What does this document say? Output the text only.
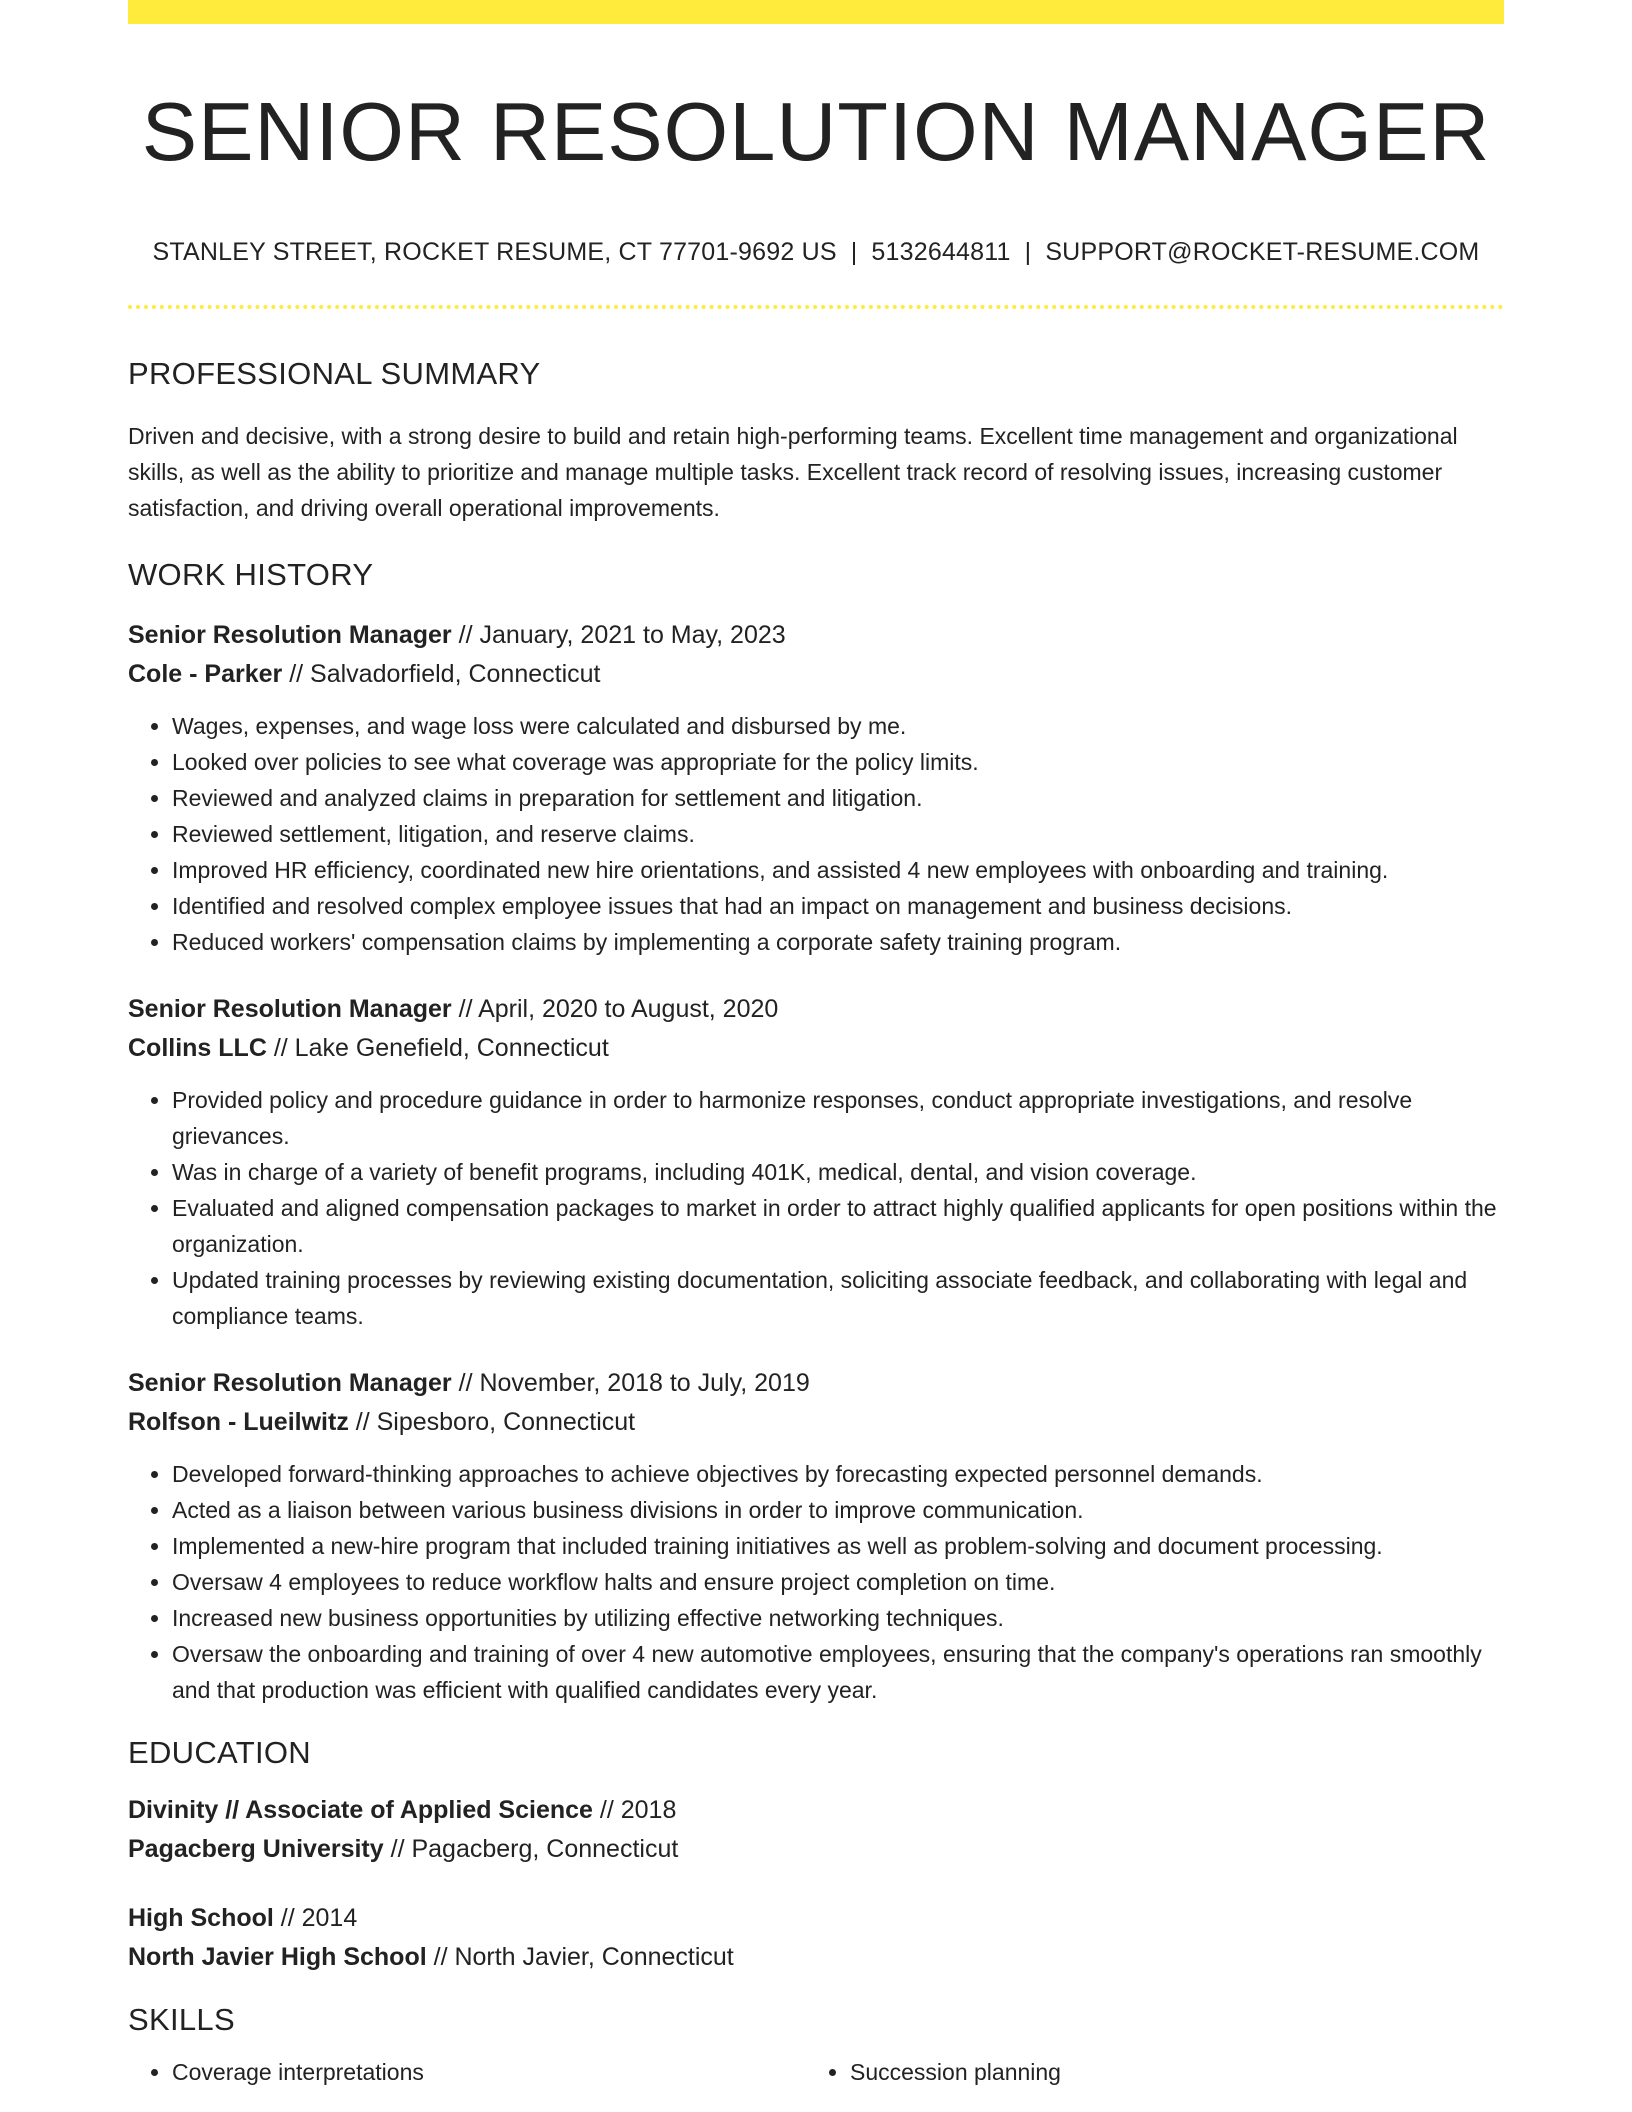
SENIOR RESOLUTION MANAGER
STANLEY STREET, ROCKET RESUME, CT 77701-9692 US | 5132644811 | SUPPORT@ROCKET-RESUME.COM
PROFESSIONAL SUMMARY

Driven and decisive, with a strong desire to build and retain high-performing teams. Excellent time management and organizational skills, as well as the ability to prioritize and manage multiple tasks. Excellent track record of resolving issues, increasing customer satisfaction, and driving overall operational improvements.

WORK HISTORY
Senior Resolution Manager // January, 2021 to May, 2023
Cole - Parker // Salvadorfield, Connecticut
• Wages, expenses, and wage loss were calculated and disbursed by me.
• Looked over policies to see what coverage was appropriate for the policy limits.
• Reviewed and analyzed claims in preparation for settlement and litigation.
• Reviewed settlement, litigation, and reserve claims.
• Improved HR efficiency, coordinated new hire orientations, and assisted 4 new employees with onboarding and training.
• Identified and resolved complex employee issues that had an impact on management and business decisions.
• Reduced workers' compensation claims by implementing a corporate safety training program.
Senior Resolution Manager // April, 2020 to August, 2020
Collins LLC // Lake Genefield, Connecticut
• Provided policy and procedure guidance in order to harmonize responses, conduct appropriate investigations, and resolve grievances.
• Was in charge of a variety of benefit programs, including 401K, medical, dental, and vision coverage.
• Evaluated and aligned compensation packages to market in order to attract highly qualified applicants for open positions within the organization.
• Updated training processes by reviewing existing documentation, soliciting associate feedback, and collaborating with legal and compliance teams.
Senior Resolution Manager // November, 2018 to July, 2019
Rolfson - Lueilwitz // Sipesboro, Connecticut
• Developed forward-thinking approaches to achieve objectives by forecasting expected personnel demands.
• Acted as a liaison between various business divisions in order to improve communication.
• Implemented a new-hire program that included training initiatives as well as problem-solving and document processing.
• Oversaw 4 employees to reduce workflow halts and ensure project completion on time.
• Increased new business opportunities by utilizing effective networking techniques.
• Oversaw the onboarding and training of over 4 new automotive employees, ensuring that the company's operations ran smoothly and that production was efficient with qualified candidates every year.
EDUCATION
Divinity // Associate of Applied Science // 2018
Pagacberg University // Pagacberg, Connecticut
High School // 2014
North Javier High School // North Javier, Connecticut
SKILLS
• Coverage interpretations
•	Succession planning
